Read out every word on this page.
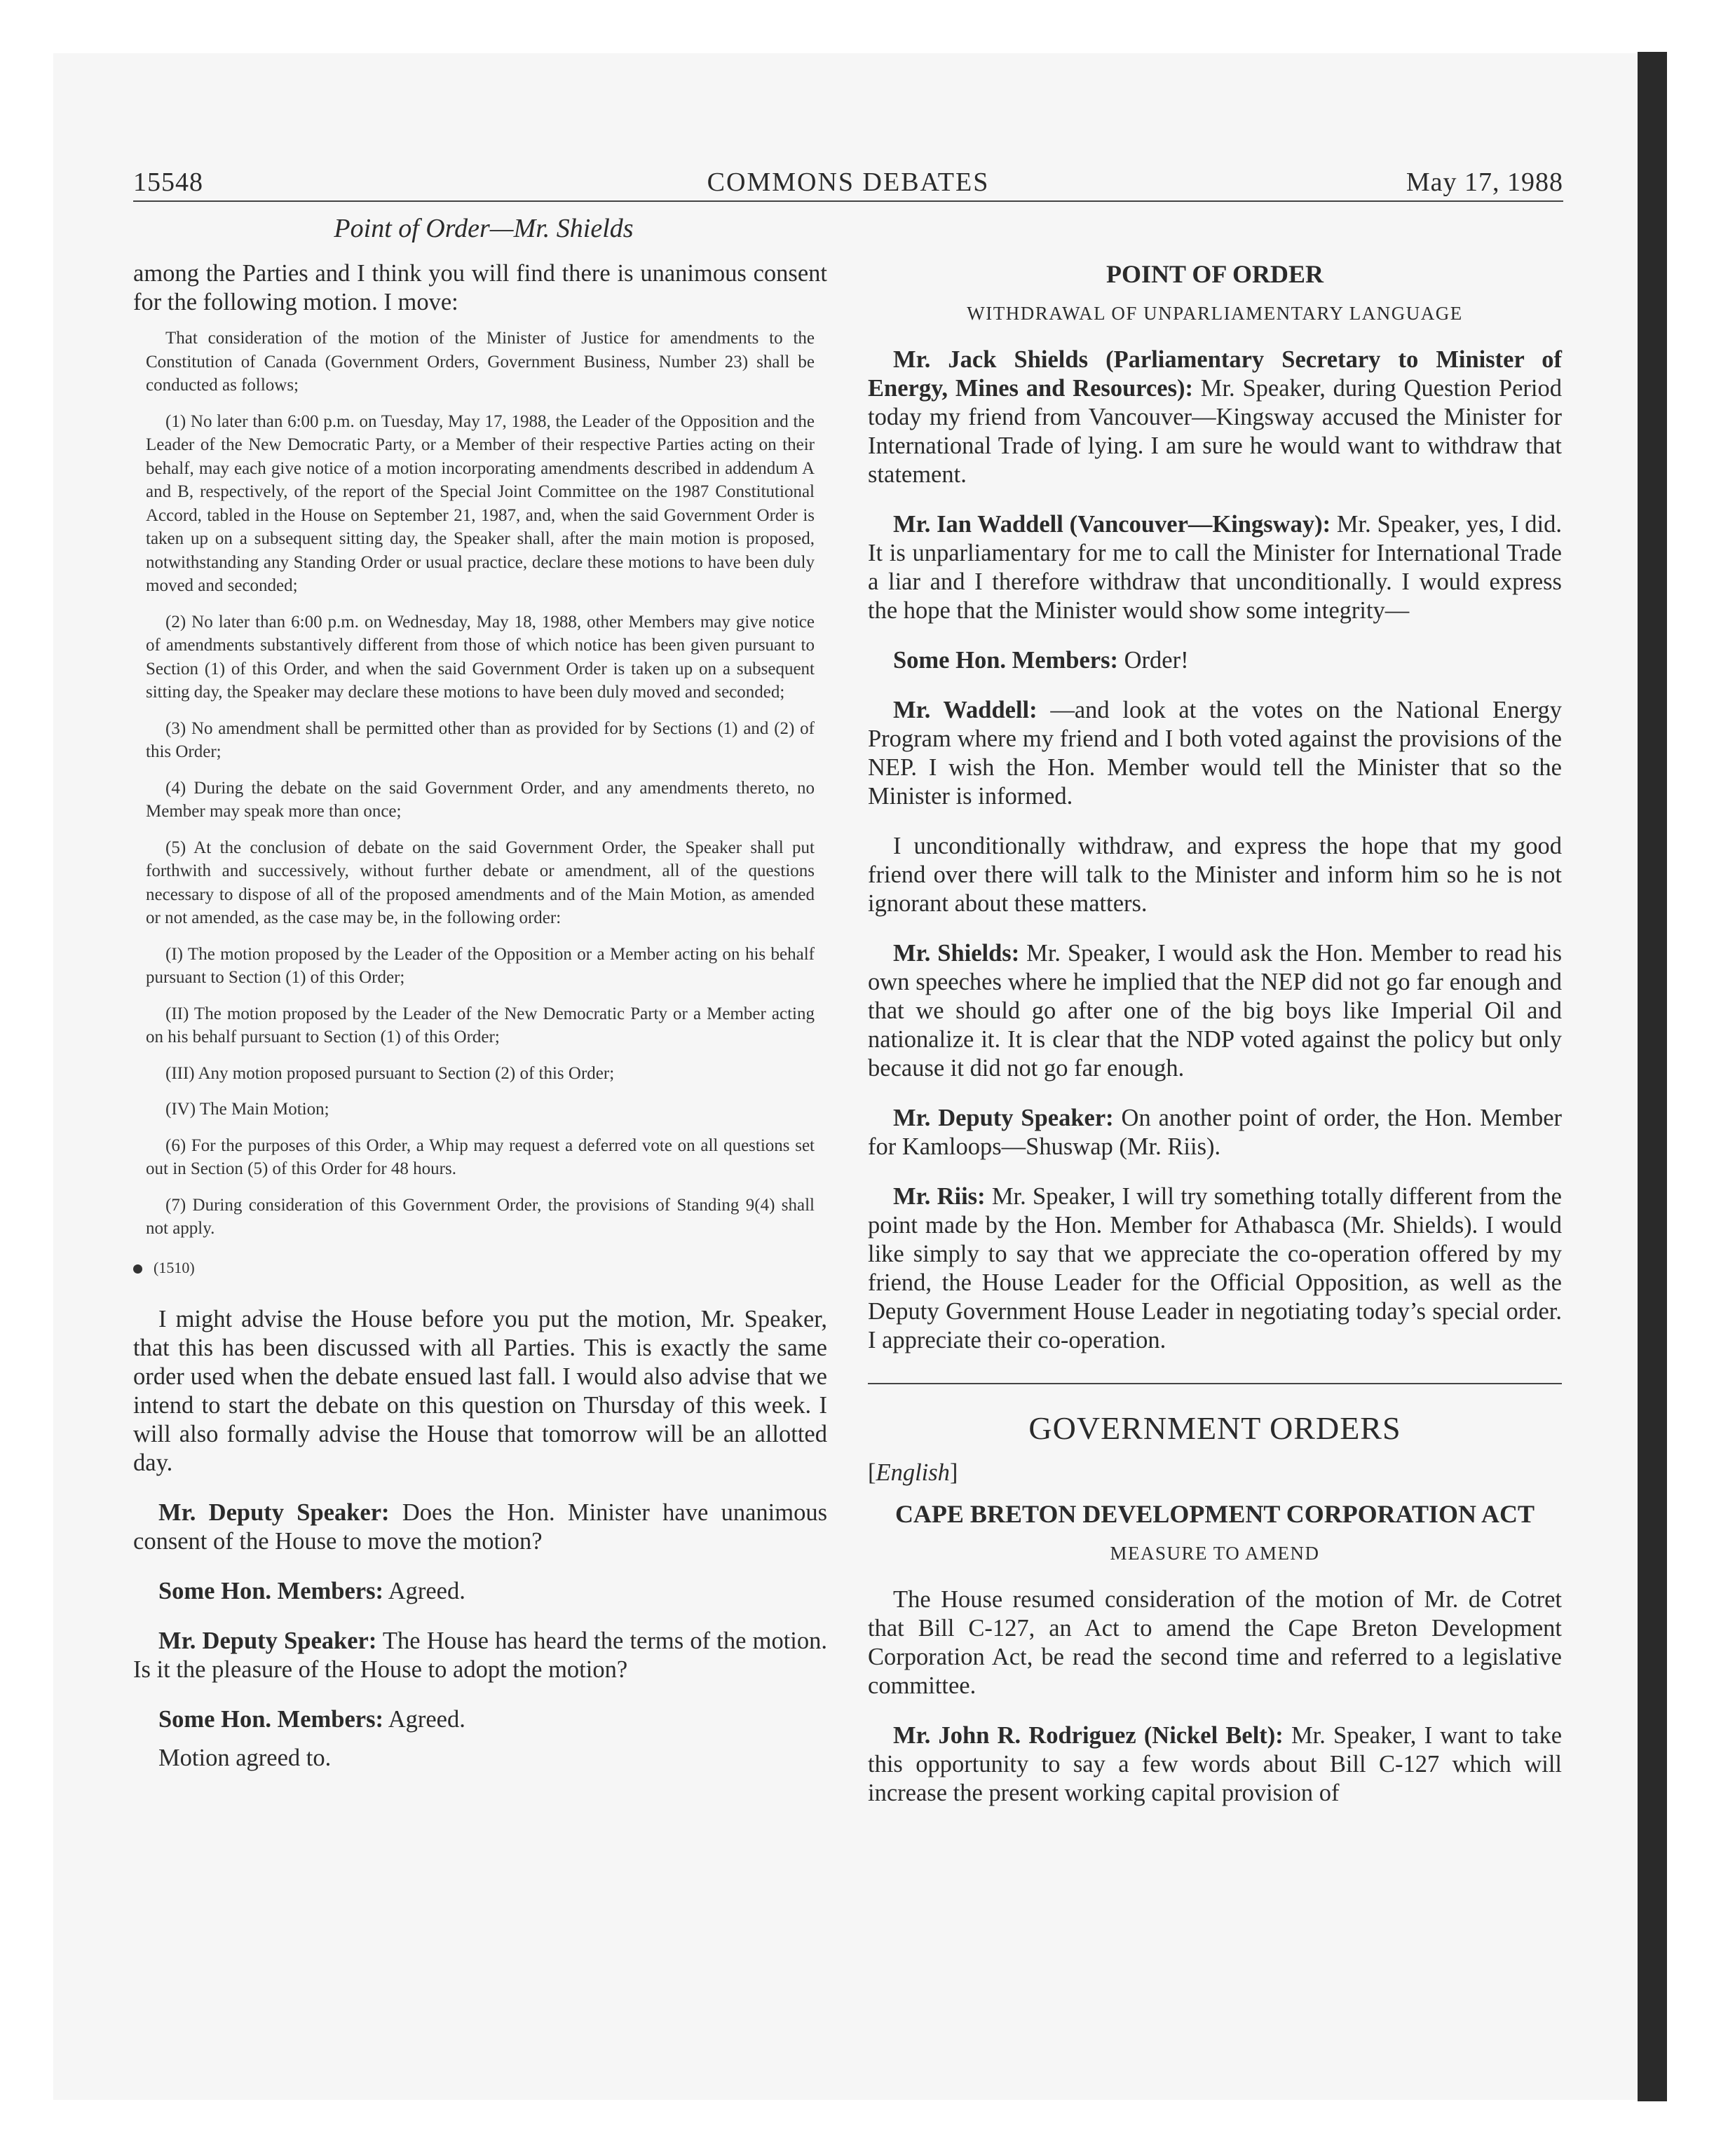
15548	COMMONS DEBATES	May 17, 1988
Point of Order—Mr. Shields

among the Parties and I think you will find there is unanimous consent for the following motion. I move:

That consideration of the motion of the Minister of Justice for amendments to the Constitution of Canada (Government Orders, Government Business, Number 23) shall be conducted as follows;

(1) No later than 6:00 p.m. on Tuesday, May 17, 1988, the Leader of the Opposition and the Leader of the New Democratic Party, or a Member of their respective Parties acting on their behalf, may each give notice of a motion incorporating amendments described in addendum A and B, respectively, of the report of the Special Joint Committee on the 1987 Constitutional Accord, tabled in the House on September 21, 1987, and, when the said Government Order is taken up on a subsequent sitting day, the Speaker shall, after the main motion is proposed, notwithstanding any Standing Order or usual practice, declare these motions to have been duly moved and seconded;

(2) No later than 6:00 p.m. on Wednesday, May 18, 1988, other Members may give notice of amendments substantively different from those of which notice has been given pursuant to Section (1) of this Order, and when the said Government Order is taken up on a subsequent sitting day, the Speaker may declare these motions to have been duly moved and seconded;

(3) No amendment shall be permitted other than as provided for by Sections (1) and (2) of this Order;

(4) During the debate on the said Government Order, and any amendments thereto, no Member may speak more than once;

(5) At the conclusion of debate on the said Government Order, the Speaker shall put forthwith and successively, without further debate or amendment, all of the questions necessary to dispose of all of the proposed amendments and of the Main Motion, as amended or not amended, as the case may be, in the following order:

(I) The motion proposed by the Leader of the Opposition or a Member acting on his behalf pursuant to Section (1) of this Order;

(II) The motion proposed by the Leader of the New Democratic Party or a Member acting on his behalf pursuant to Section (1) of this Order;

(III) Any motion proposed pursuant to Section (2) of this Order;

(IV) The Main Motion;

(6) For the purposes of this Order, a Whip may request a deferred vote on all questions set out in Section (5) of this Order for 48 hours.

(7) During consideration of this Government Order, the provisions of Standing 9(4) shall not apply.

(1510)

I might advise the House before you put the motion, Mr. Speaker, that this has been discussed with all Parties. This is exactly the same order used when the debate ensued last fall. I would also advise that we intend to start the debate on this question on Thursday of this week. I will also formally advise the House that tomorrow will be an allotted day.

Mr. Deputy Speaker: Does the Hon. Minister have unanimous consent of the House to move the motion?

Some Hon. Members: Agreed.

Mr. Deputy Speaker: The House has heard the terms of the motion. Is it the pleasure of the House to adopt the motion?

Some Hon. Members: Agreed.

Motion agreed to.

POINT OF ORDER
WITHDRAWAL OF UNPARLIAMENTARY LANGUAGE

Mr. Jack Shields (Parliamentary Secretary to Minister of Energy, Mines and Resources): Mr. Speaker, during Question Period today my friend from Vancouver—Kingsway accused the Minister for International Trade of lying. I am sure he would want to withdraw that statement.

Mr. Ian Waddell (Vancouver—Kingsway): Mr. Speaker, yes, I did. It is unparliamentary for me to call the Minister for International Trade a liar and I therefore withdraw that unconditionally. I would express the hope that the Minister would show some integrity—

Some Hon. Members: Order!

Mr. Waddell: —and look at the votes on the National Energy Program where my friend and I both voted against the provisions of the NEP. I wish the Hon. Member would tell the Minister that so the Minister is informed.

I unconditionally withdraw, and express the hope that my good friend over there will talk to the Minister and inform him so he is not ignorant about these matters.

Mr. Shields: Mr. Speaker, I would ask the Hon. Member to read his own speeches where he implied that the NEP did not go far enough and that we should go after one of the big boys like Imperial Oil and nationalize it. It is clear that the NDP voted against the policy but only because it did not go far enough.

Mr. Deputy Speaker: On another point of order, the Hon. Member for Kamloops—Shuswap (Mr. Riis).

Mr. Riis: Mr. Speaker, I will try something totally different from the point made by the Hon. Member for Athabasca (Mr. Shields). I would like simply to say that we appreciate the co-operation offered by my friend, the House Leader for the Official Opposition, as well as the Deputy Government House Leader in negotiating today’s special order. I appreciate their co-operation.

GOVERNMENT ORDERS
[English]
CAPE BRETON DEVELOPMENT CORPORATION ACT
MEASURE TO AMEND

The House resumed consideration of the motion of Mr. de Cotret that Bill C-127, an Act to amend the Cape Breton Development Corporation Act, be read the second time and referred to a legislative committee.

Mr. John R. Rodriguez (Nickel Belt): Mr. Speaker, I want to take this opportunity to say a few words about Bill C-127 which will increase the present working capital provision of
